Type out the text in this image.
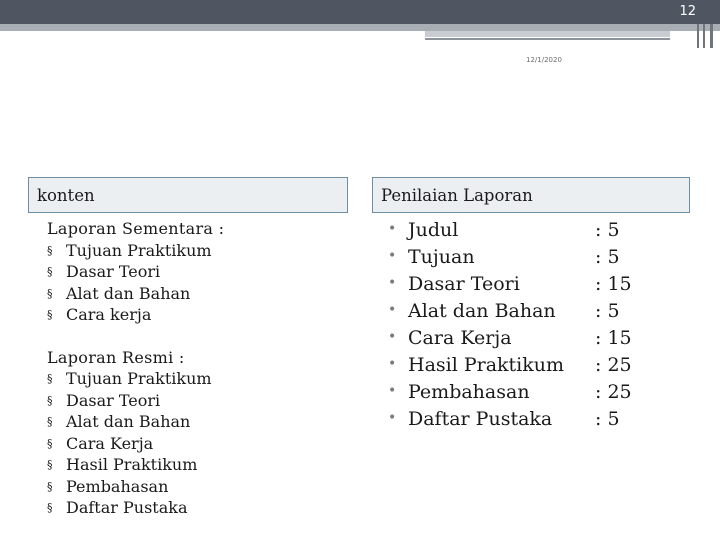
12
12/1/2020
konten	Penilaian Laporan

Laporan Sementara :

§ Tujuan Praktikum
§ Dasar Teori
§ Alat dan Bahan
§ Cara kerja

Laporan Resmi :

§ Tujuan Praktikum
§ Dasar Teori
§ Alat dan Bahan
§ Cara Kerja
§ Hasil Praktikum
§ Pembahasan
§ Daftar Pustaka
• Judul	: 5
• Tujuan	: 5
• Dasar Teori	: 15
• Alat dan Bahan : 5
• Cara Kerja	: 15
• Hasil Praktikum : 25
• Pembahasan	: 25
• Daftar Pustaka : 5
